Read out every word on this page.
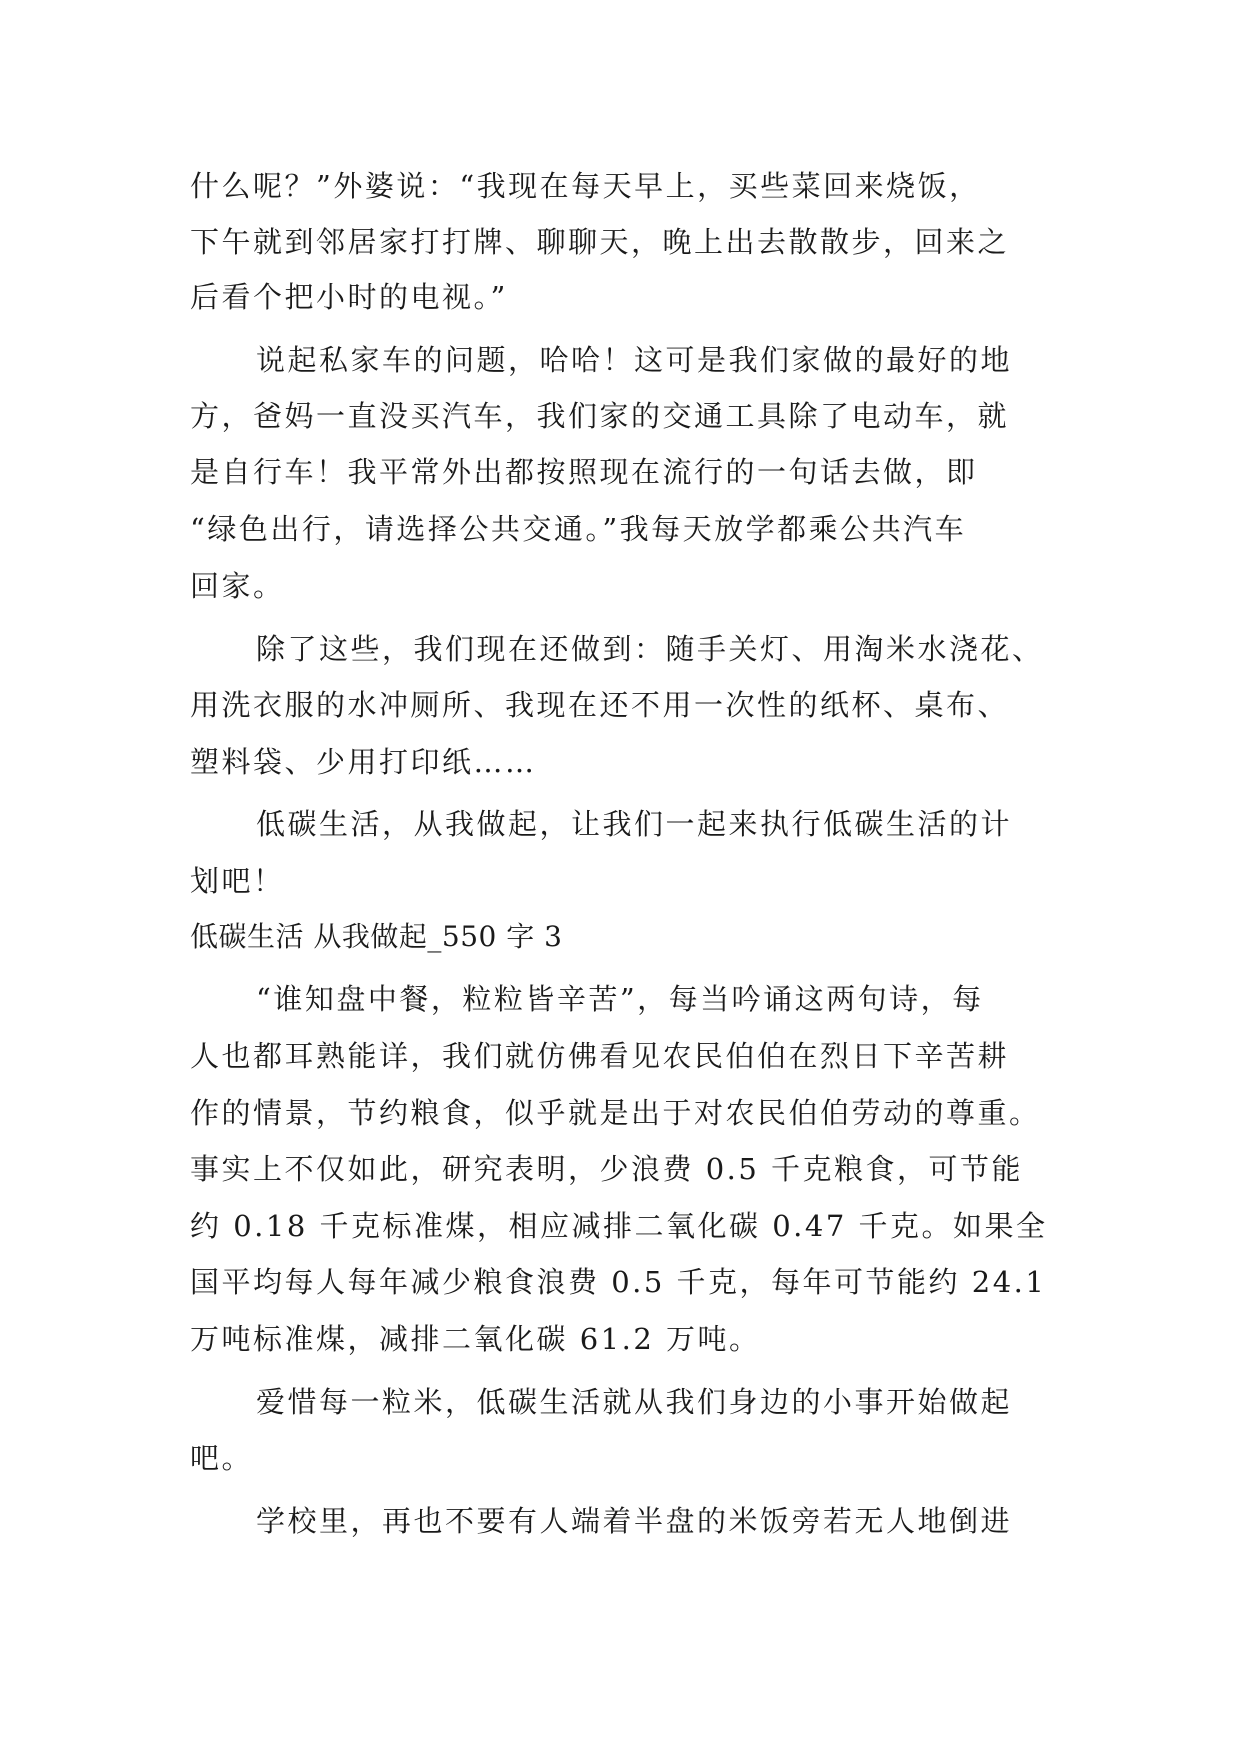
什么呢？”外婆说：“我现在每天早上，买些菜回来烧饭，
下午就到邻居家打打牌、聊聊天，晚上出去散散步，回来之
后看个把小时的电视。”
说起私家车的问题，哈哈！这可是我们家做的最好的地
方，爸妈一直没买汽车，我们家的交通工具除了电动车，就
是自行车！我平常外出都按照现在流行的一句话去做，即
“绿色出行，请选择公共交通。”我每天放学都乘公共汽车
回家。
除了这些，我们现在还做到：随手关灯、用淘米水浇花、
用洗衣服的水冲厕所、我现在还不用一次性的纸杯、桌布、
塑料袋、少用打印纸……
低碳生活，从我做起，让我们一起来执行低碳生活的计
划吧！
低碳生活 从我做起_550 字 3
“谁知盘中餐，粒粒皆辛苦”，每当吟诵这两句诗，每
人也都耳熟能详，我们就仿佛看见农民伯伯在烈日下辛苦耕
作的情景，节约粮食，似乎就是出于对农民伯伯劳动的尊重。
事实上不仅如此，研究表明，少浪费 0.5 千克粮食，可节能
约 0.18 千克标准煤，相应减排二氧化碳 0.47 千克。如果全
国平均每人每年减少粮食浪费 0.5 千克，每年可节能约 24.1
万吨标准煤，减排二氧化碳 61.2 万吨。
爱惜每一粒米，低碳生活就从我们身边的小事开始做起
吧。
学校里，再也不要有人端着半盘的米饭旁若无人地倒进
